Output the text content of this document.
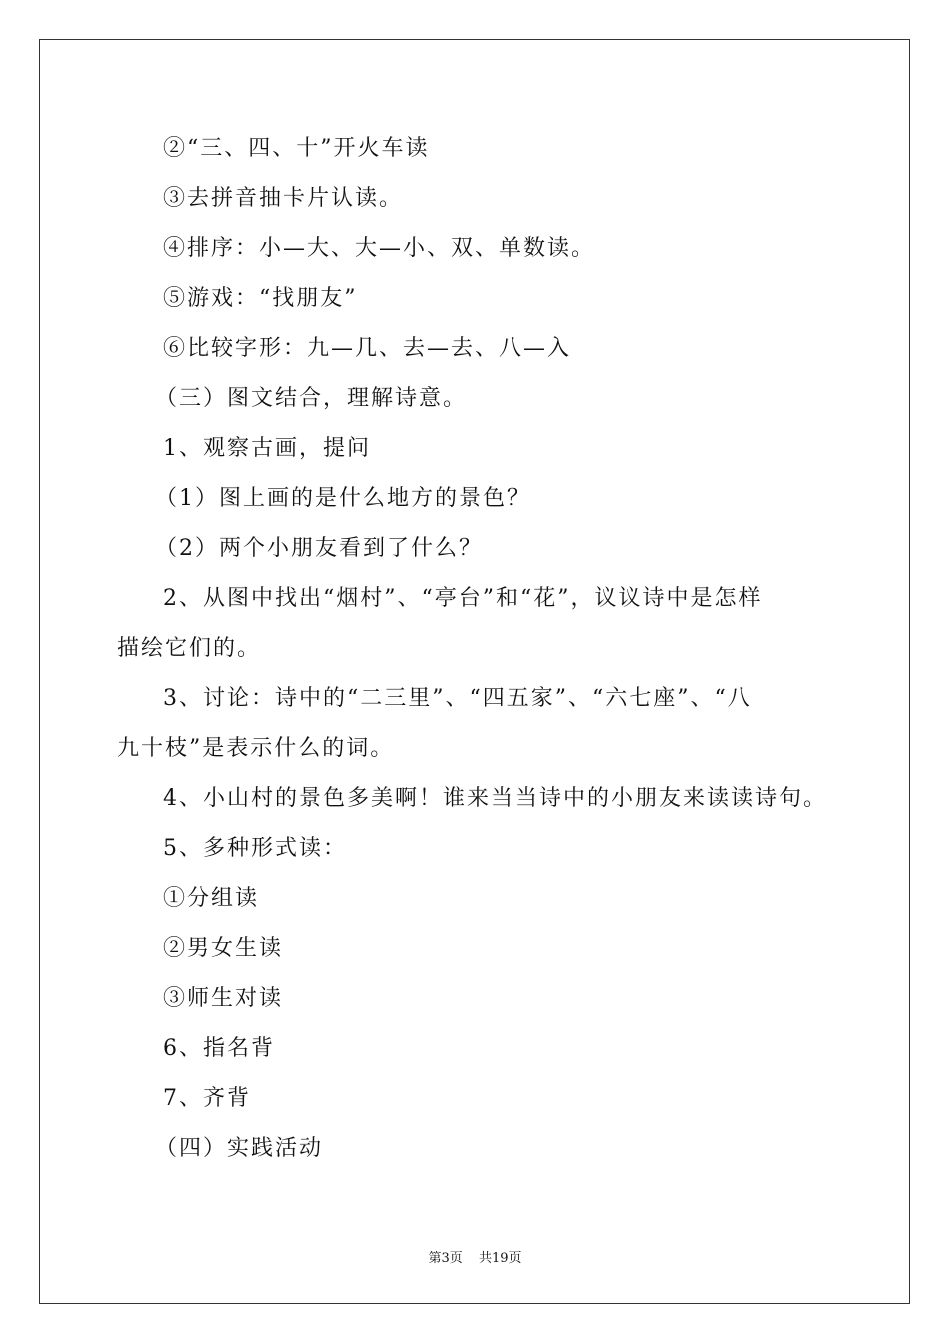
②“三、四、十”开火车读
③去拼音抽卡片认读。
④排序：小—大、大—小、双、单数读。
⑤游戏：“找朋友”
⑥比较字形：九—几、去—去、八—入
（三）图文结合，理解诗意。
1、观察古画，提问
（1）图上画的是什么地方的景色？
（2）两个小朋友看到了什么？
2、从图中找出“烟村”、“亭台”和“花”，议议诗中是怎样
描绘它们的。
3、讨论：诗中的“二三里”、“四五家”、“六七座”、“八
九十枝”是表示什么的词。
4、小山村的景色多美啊！谁来当当诗中的小朋友来读读诗句。
5、多种形式读：
①分组读
②男女生读
③师生对读
6、指名背
7、齐背
（四）实践活动
第3页 共19页
